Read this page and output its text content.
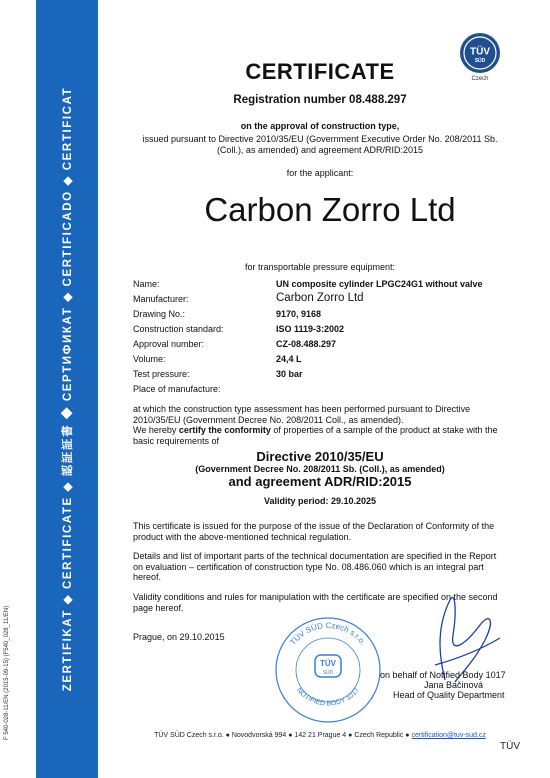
F 540-028-11/EN (2015-09-15) (F540_028_11/EN)	ZERTIFIKAT ◆ CERTIFICATE ◆ 認証証書 ◆ СЕРТИФИКАТ ◆ CERTIFICADO ◆ CERTIFICAT
TÜV
SÜD
Czech
CERTIFICATE
Registration number 08.488.297
on the approval of construction type,
issued pursuant to Directive 2010/35/EU (Government Executive Order No. 208/2011 Sb.
(Coll.), as amended) and agreement ADR/RID:2015
for the applicant:
Carbon Zorro Ltd
for transportable pressure equipment:
Name:	UN composite cylinder LPGC24G1 without valve
Manufacturer:	Carbon Zorro Ltd
Drawing No.:	9170, 9168
Construction standard:	ISO 1119-3:2002
Approval number:	CZ-08.488.297
Volume:	24,4 L
Test pressure:	30 bar
Place of manufacture:
at which the construction type assessment has been performed pursuant to Directive
2010/35/EU (Government Decree No. 208/2011 Coll., as amended).
We hereby certify the conformity of properties of a sample of the product at stake with the
basic requirements of
Directive 2010/35/EU
(Government Decree No. 208/2011 Sb. (Coll.), as amended)
and agreement ADR/RID:2015
Validity period: 29.10.2025
This certificate is issued for the purpose of the issue of the Declaration of Conformity of the
product with the above-mentioned technical regulation.
Details and list of important parts of the technical documentation are specified in the Report
on evaluation – certification of construction type No. 08.486.060 which is an integral part
hereof.
Validity conditions and rules for manipulation with the certificate are specified on the second
page hereof.
Prague, on 29.10.2015
TÜV SÜD Czech s.r.o.
NOTIFIED BODY 1017
TÜV
SÜD	on behalf of Notified Body 1017
Jana Bačinová
Head of Quality Department
TÜV SÜD Czech s.r.o. ● Novodvorská 994 ● 142 21 Prague 4 ● Czech Republic ● certification@tuv-sud.cz
TÜV
